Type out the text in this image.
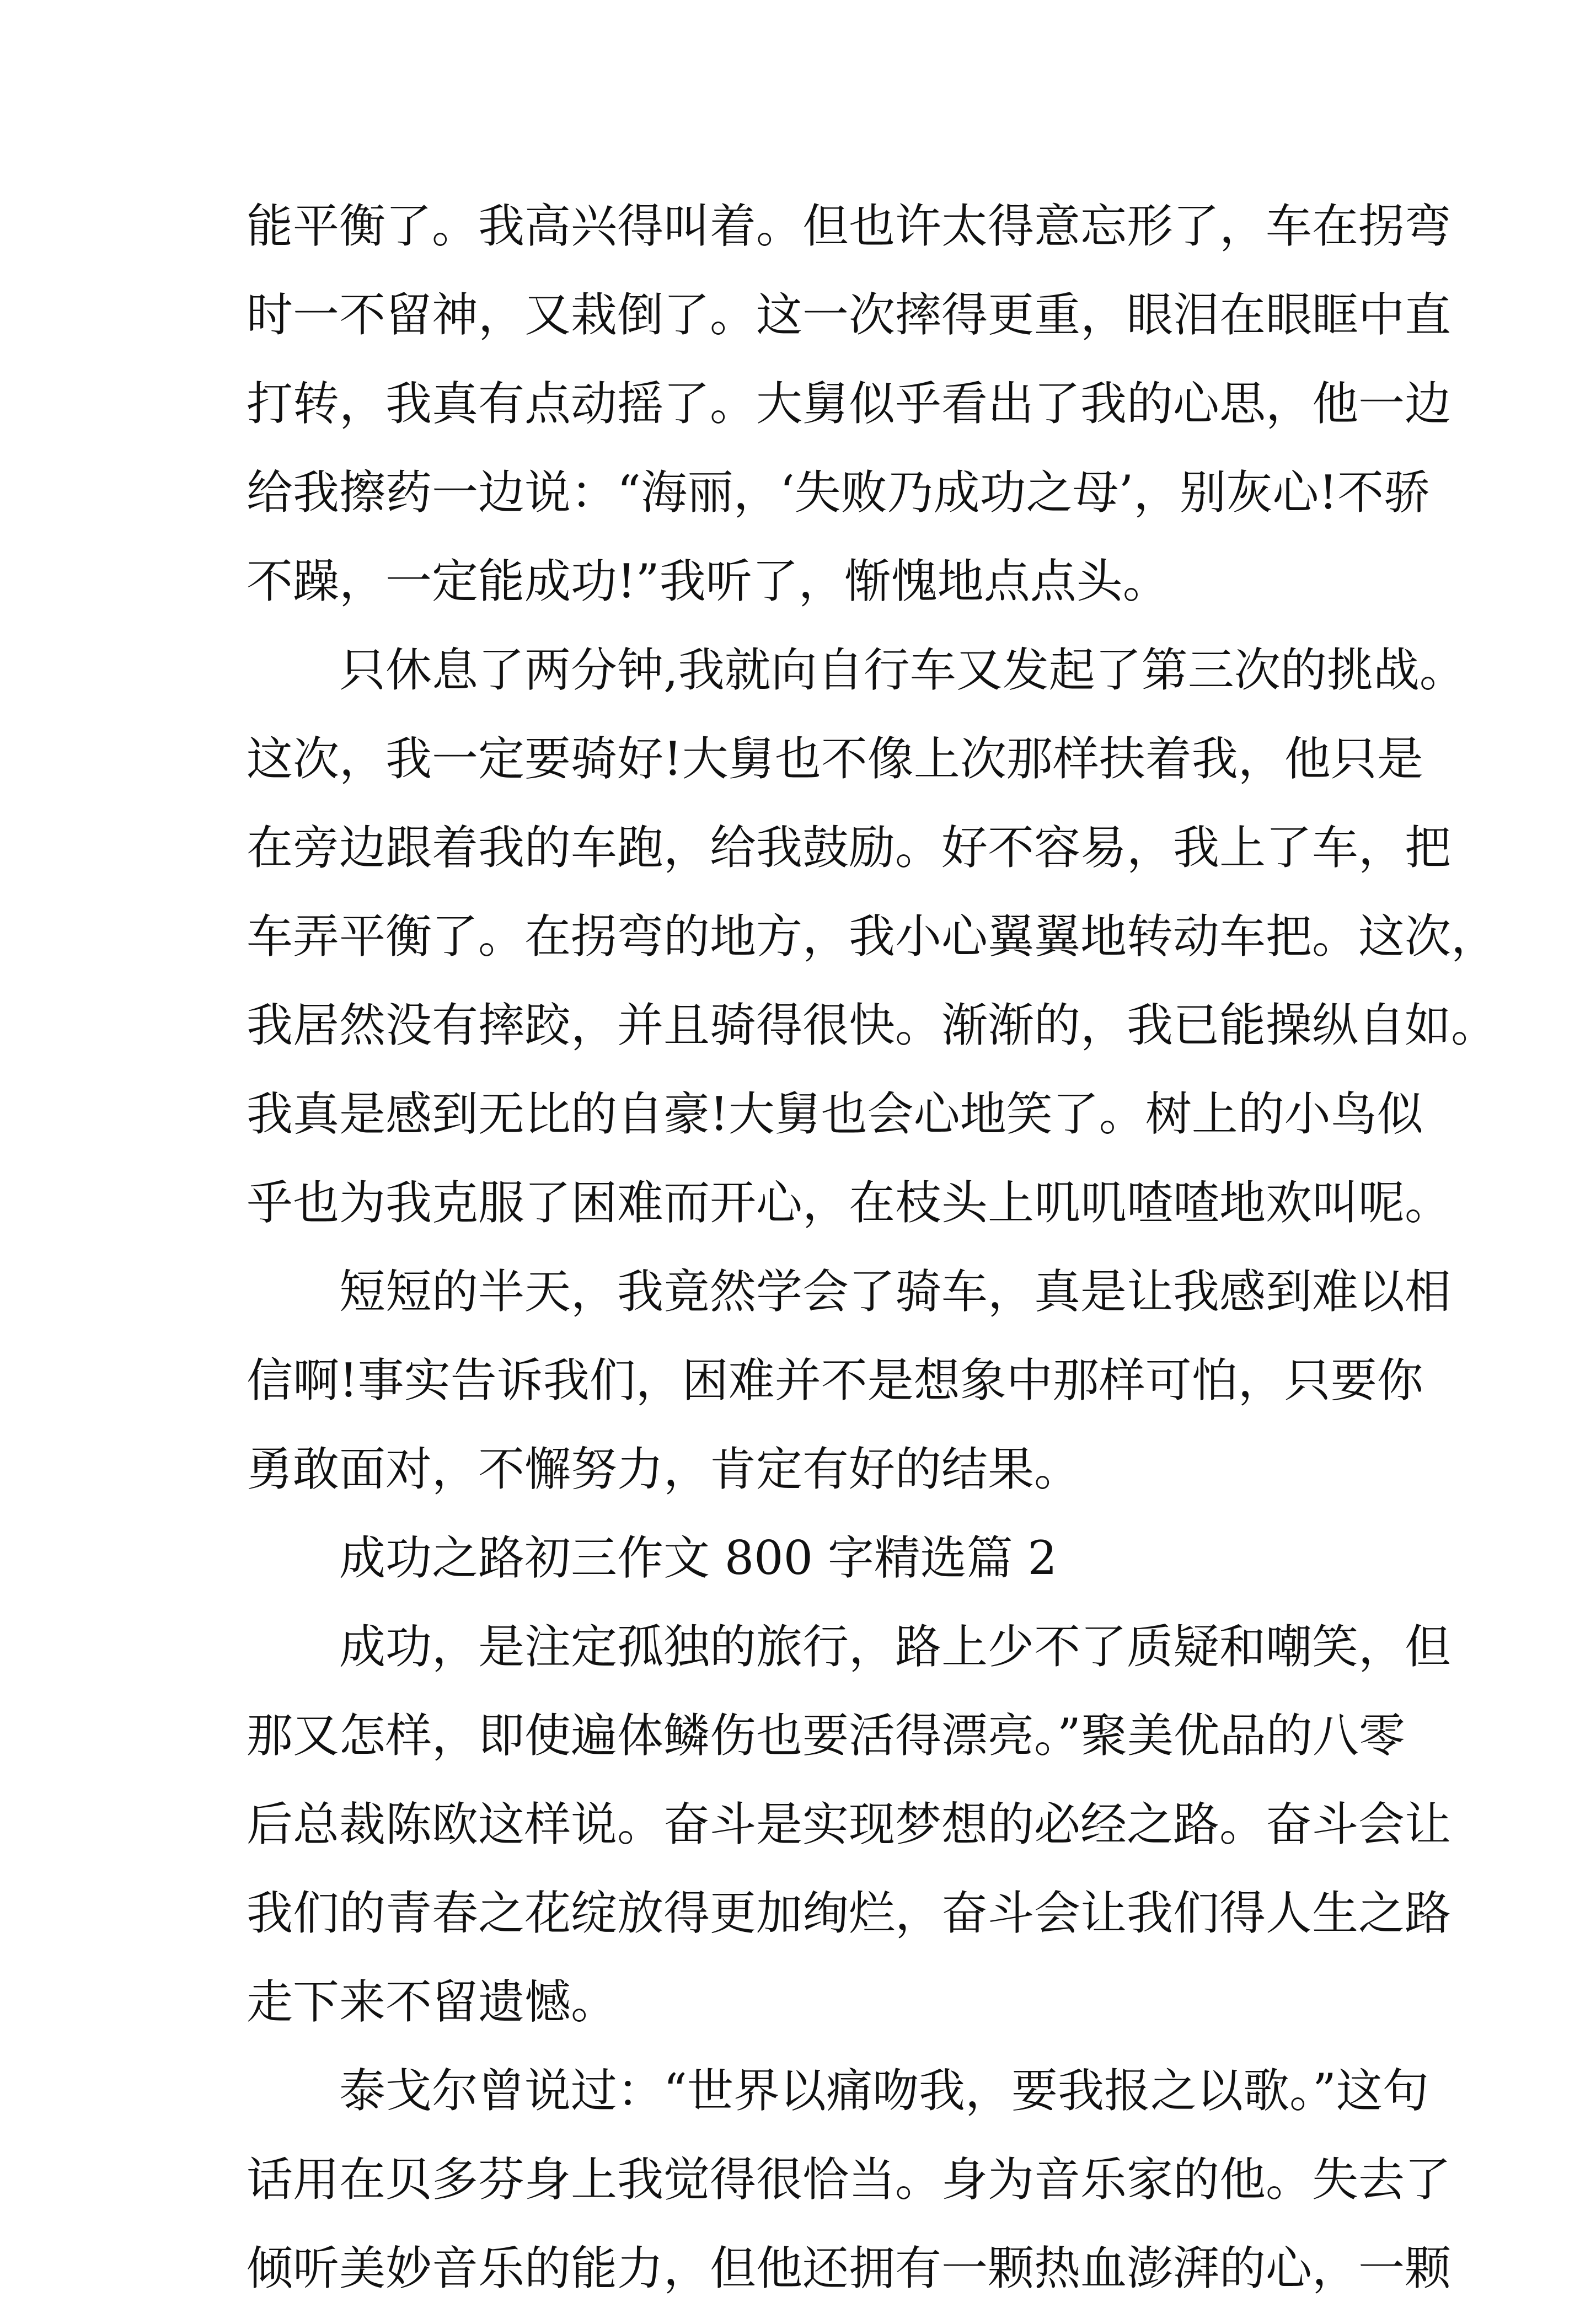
能平衡了。我高兴得叫着。但也许太得意忘形了，车在拐弯
时一不留神，又栽倒了。这一次摔得更重，眼泪在眼眶中直
打转，我真有点动摇了。大舅似乎看出了我的心思，他一边
给我擦药一边说：“海丽，‘失败乃成功之母’，别灰心!不骄
不躁，一定能成功!”我听了，惭愧地点点头。
只休息了两分钟,我就向自行车又发起了第三次的挑战。
这次，我一定要骑好!大舅也不像上次那样扶着我，他只是
在旁边跟着我的车跑，给我鼓励。好不容易，我上了车，把
车弄平衡了。在拐弯的地方，我小心翼翼地转动车把。这次，
我居然没有摔跤，并且骑得很快。渐渐的，我已能操纵自如。
我真是感到无比的自豪!大舅也会心地笑了。树上的小鸟似
乎也为我克服了困难而开心，在枝头上叽叽喳喳地欢叫呢。
短短的半天，我竟然学会了骑车，真是让我感到难以相
信啊!事实告诉我们，困难并不是想象中那样可怕，只要你
勇敢面对，不懈努力，肯定有好的结果。
成功之路初三作文 800 字精选篇 2
成功，是注定孤独的旅行，路上少不了质疑和嘲笑，但
那又怎样，即使遍体鳞伤也要活得漂亮。”聚美优品的八零
后总裁陈欧这样说。奋斗是实现梦想的必经之路。奋斗会让
我们的青春之花绽放得更加绚烂，奋斗会让我们得人生之路
走下来不留遗憾。
泰戈尔曾说过：“世界以痛吻我，要我报之以歌。”这句
话用在贝多芬身上我觉得很恰当。身为音乐家的他。失去了
倾听美妙音乐的能力，但他还拥有一颗热血澎湃的心，一颗
